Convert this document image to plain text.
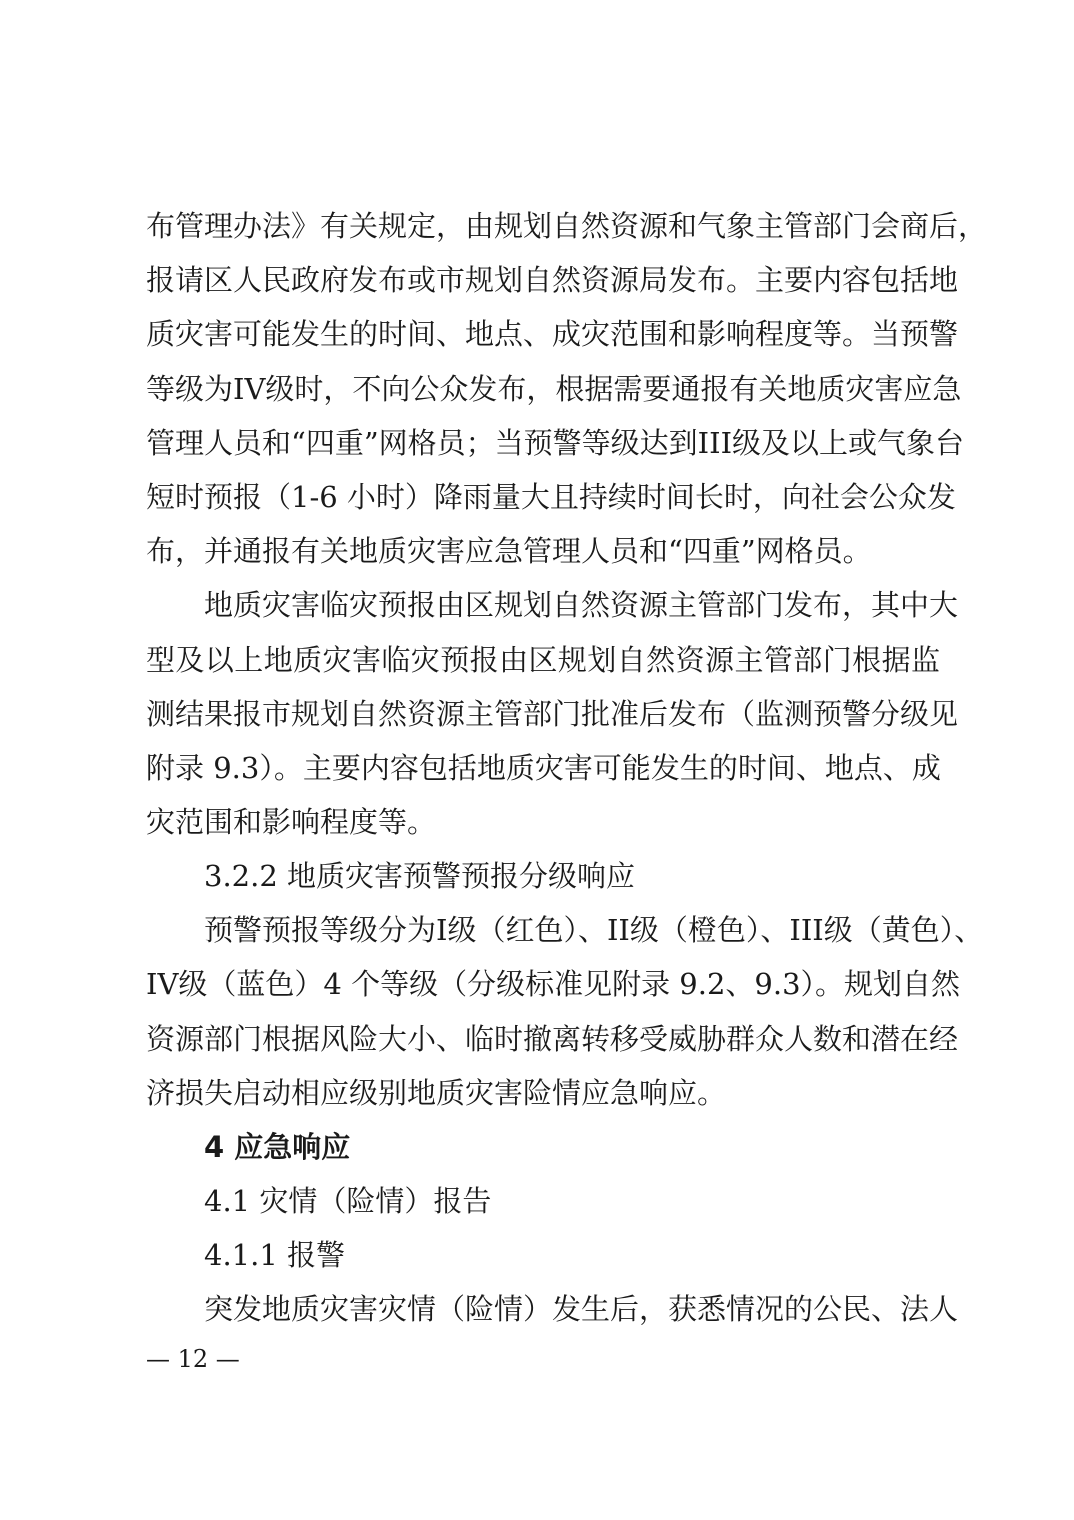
布管理办法》有关规定，由规划自然资源和气象主管部门会商后，
报请区人民政府发布或市规划自然资源局发布。主要内容包括地
质灾害可能发生的时间、地点、成灾范围和影响程度等。当预警
等级为IV级时，不向公众发布，根据需要通报有关地质灾害应急
管理人员和“四重”网格员；当预警等级达到III级及以上或气象台
短时预报（1-6 小时）降雨量大且持续时间长时，向社会公众发
布，并通报有关地质灾害应急管理人员和“四重”网格员。
地质灾害临灾预报由区规划自然资源主管部门发布，其中大
型及以上地质灾害临灾预报由区规划自然资源主管部门根据监
测结果报市规划自然资源主管部门批准后发布（监测预警分级见
附录 9.3）。主要内容包括地质灾害可能发生的时间、地点、成
灾范围和影响程度等。
3.2.2 地质灾害预警预报分级响应
预警预报等级分为I级（红色）、II级（橙色）、III级（黄色）、
IV级（蓝色）4 个等级（分级标准见附录 9.2、9.3）。规划自然
资源部门根据风险大小、临时撤离转移受威胁群众人数和潜在经
济损失启动相应级别地质灾害险情应急响应。
4 应急响应
4.1 灾情（险情）报告
4.1.1 报警
突发地质灾害灾情（险情）发生后，获悉情况的公民、法人
— 12 —
